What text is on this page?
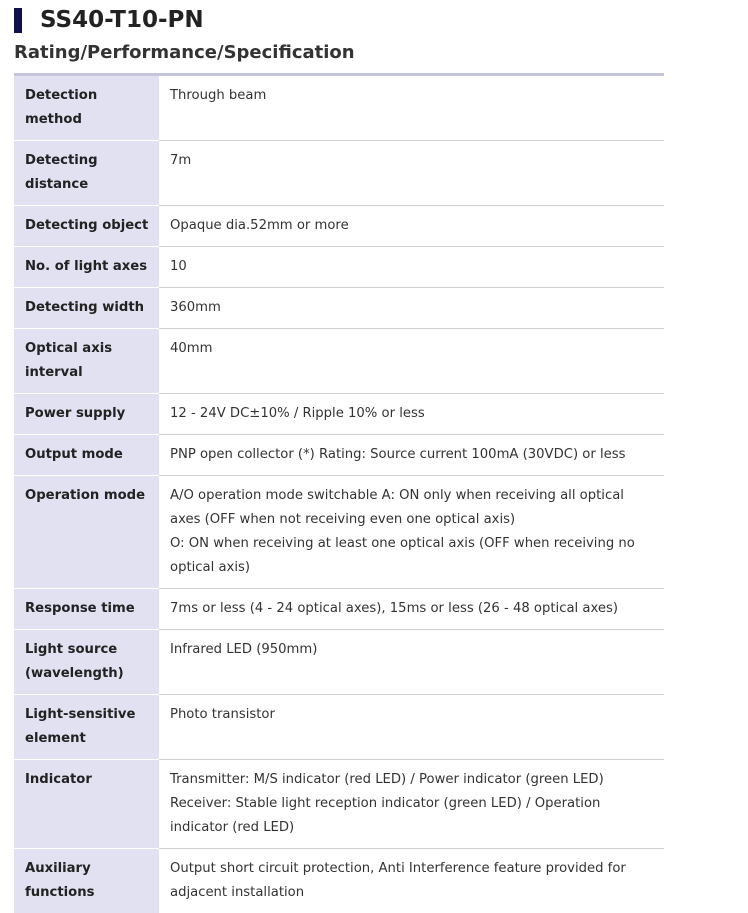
SS40-T10-PN
Rating/Performance/Specification
Detection method	Through beam
Detecting distance	7m
Detecting object	Opaque dia.52mm or more
No. of light axes	10
Detecting width	360mm
Optical axis interval	40mm
Power supply	12 - 24V DC±10% / Ripple 10% or less
Output mode	PNP open collector (*) Rating: Source current 100mA (30VDC) or less
Operation mode	A/O operation mode switchable A: ON only when receiving all optical axes (OFF when not receiving even one optical axis)
O: ON when receiving at least one optical axis (OFF when receiving no optical axis)

Response time	7ms or less (4 - 24 optical axes), 15ms or less (26 - 48 optical axes)
Light source (wavelength)	Infrared LED (950mm)
Light-sensitive element	Photo transistor
Indicator	Transmitter: M/S indicator (red LED) / Power indicator (green LED)
Receiver: Stable light reception indicator (green LED) / Operation indicator (red LED)

Auxiliary functions	Output short circuit protection, Anti Interference feature provided for adjacent installation
